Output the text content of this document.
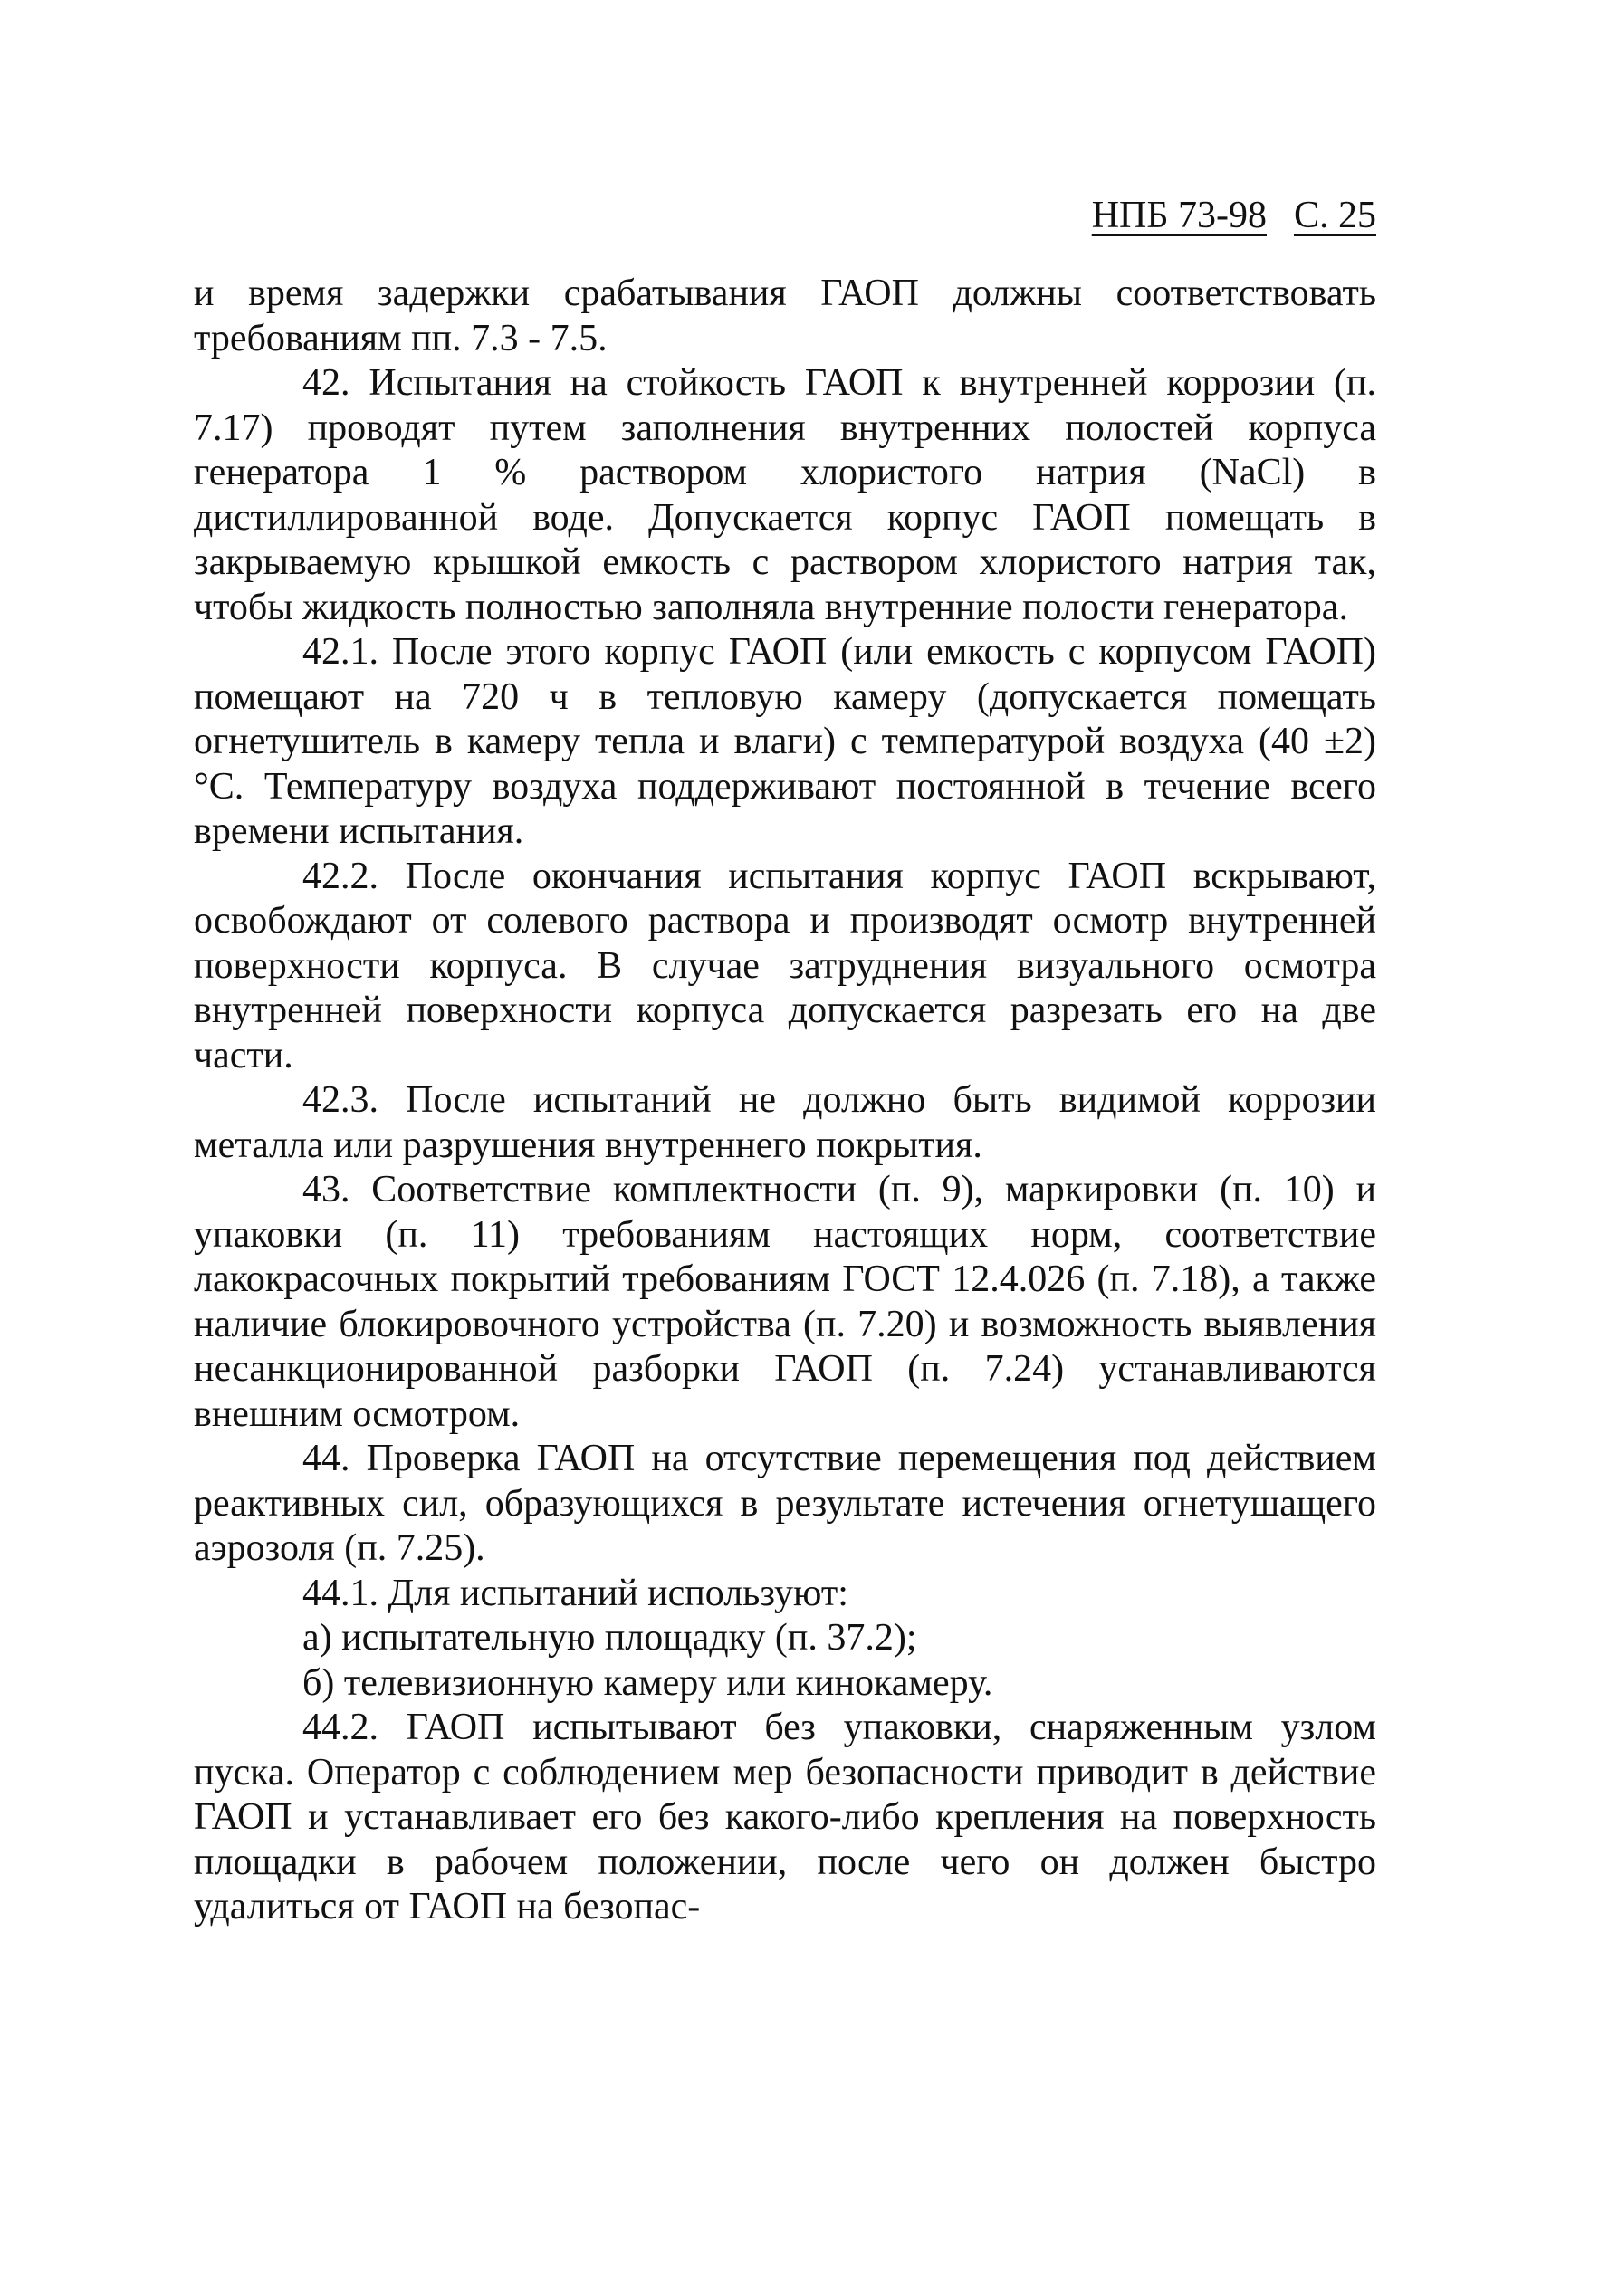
НПБ 73-98 С. 25

и время задержки срабатывания ГАОП должны соответствовать требованиям пп. 7.3 - 7.5.

42. Испытания на стойкость ГАОП к внутренней коррозии (п. 7.17) проводят путем заполнения внутренних полостей корпуса генератора 1 % раствором хлористого натрия (NaCl) в дистиллированной воде. Допускается корпус ГАОП помещать в закрываемую крышкой емкость с раствором хлористого натрия так, чтобы жидкость полностью заполняла внутренние полости генератора.

42.1. После этого корпус ГАОП (или емкость с корпусом ГАОП) помещают на 720 ч в тепловую камеру (допускается помещать огнетушитель в камеру тепла и влаги) с температурой воздуха (40 ±2) °С. Температуру воздуха поддерживают постоянной в течение всего времени испытания.

42.2. После окончания испытания корпус ГАОП вскрывают, освобождают от солевого раствора и производят осмотр внутренней поверхности корпуса. В случае затруднения визуального осмотра внутренней поверхности корпуса допускается разрезать его на две части.

42.3. После испытаний не должно быть видимой коррозии металла или разрушения внутреннего покрытия.

43. Соответствие комплектности (п. 9), маркировки (п. 10) и упаковки (п. 11) требованиям настоящих норм, соответствие лакокрасочных покрытий требованиям ГОСТ 12.4.026 (п. 7.18), а также наличие блокировочного устройства (п. 7.20) и возможность выявления несанкционированной разборки ГАОП (п. 7.24) устанавливаются внешним осмотром.

44. Проверка ГАОП на отсутствие перемещения под действием реактивных сил, образующихся в результате истечения огнетушащего аэрозоля (п. 7.25).

44.1. Для испытаний используют:

а) испытательную площадку (п. 37.2);

б) телевизионную камеру или кинокамеру.

44.2. ГАОП испытывают без упаковки, снаряженным узлом пуска. Оператор с соблюдением мер безопасности приводит в действие ГАОП и устанавливает его без какого-либо крепления на поверхность площадки в рабочем положении, после чего он должен быстро удалиться от ГАОП на безопас-
